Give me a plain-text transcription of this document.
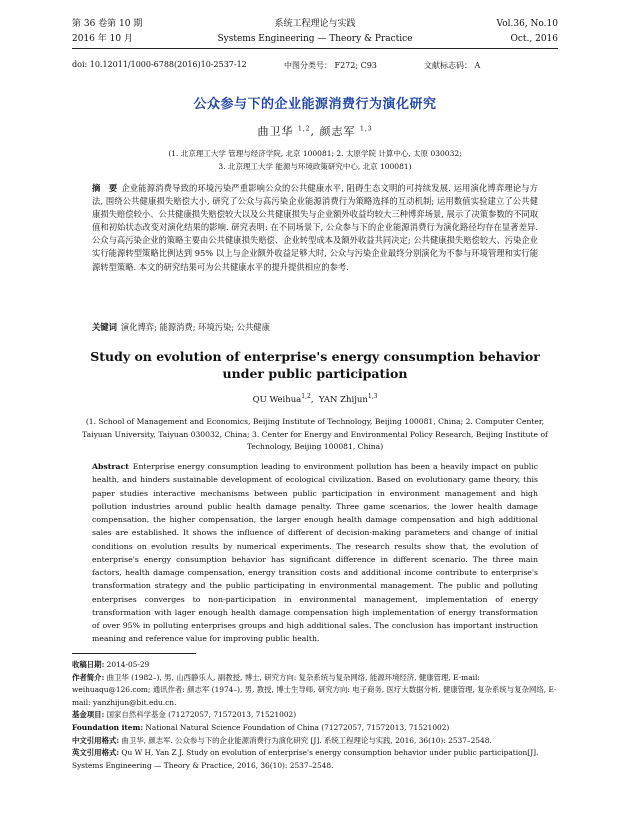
第 36 卷第 10 期	系统工程理论与实践	Vol.36, No.10
2016 年 10 月	Systems Engineering — Theory & Practice	Oct., 2016
doi: 10.12011/1000-6788(2016)10-2537-12	中图分类号： F272; C93	文献标志码： A
公众参与下的企业能源消费行为演化研究
曲卫华 $^{1,2}$, 颜志军 $^{1,3}$
(1. 北京理工大学 管理与经济学院, 北京 100081; 2. 太原学院 计算中心, 太原 030032;
3. 北京理工大学 能源与环境政策研究中心, 北京 100081)
摘　要 企业能源消费导致的环境污染严重影响公众的公共健康水平, 阻碍生态文明的可持续发展. 运用演化博弈理论与方法, 围绕公共健康损失赔偿大小, 研究了公众与高污染企业能源消费行为策略选择的互动机制; 运用数值实验建立了公共健康损失赔偿较小、公共健康损失赔偿较大以及公共健康损失与企业额外收益均较大三种博弈场景, 展示了决策参数的不同取值和初始状态改变对演化结果的影响. 研究表明: 在不同场景下, 公众参与下的企业能源消费行为演化路径均存在显著差异. 公众与高污染企业的策略主要由公共健康损失赔偿、企业转型成本及额外收益共同决定; 公共健康损失赔偿较大、污染企业实行能源转型策略比例达到 95% 以上与企业额外收益足够大时, 公众与污染企业最终分别演化为不参与环境管理和实行能源转型策略. 本文的研究结果可为公共健康水平的提升提供相应的参考.
关键词 演化博弈; 能源消费; 环境污染; 公共健康
Study on evolution of enterprise's energy consumption behavior
under public participation
QU Weihua$^{1,2}$,  YAN Zhijun$^{1,3}$
(1. School of Management and Economics, Beijing Institute of Technology, Beijing 100081, China; 2. Computer Center,
Taiyuan University, Taiyuan 030032, China; 3. Center for Energy and Environmental Policy Research, Beijing Institute of
Technology, Beijing 100081, China)
Abstract Enterprise energy consumption leading to environment pollution has been a heavily impact on public health, and hinders sustainable development of ecological civilization. Based on evolutionary game theory, this paper studies interactive mechanisms between public participation in environment management and high pollution industries around public health damage penalty. Three game scenarios, the lower health damage compensation, the higher compensation, the larger enough health damage compensation and high additional sales are established. It shows the influence of different of decision-making parameters and change of initial conditions on evolution results by numerical experiments. The research results show that, the evolution of enterprise's energy consumption behavior has significant difference in different scenario. The three main factors, health damage compensation, energy transition costs and additional income contribute to enterprise's transformation strategy and the public participating in environmental management. The public and polluting enterprises converges to non-participation in environmental management, implementation of energy transformation with lager enough health damage compensation high implementation of energy transformation of over 95% in polluting enterprises groups and high additional sales. The conclusion has important instruction meaning and reference value for improving public health.

收稿日期: 2014-05-29

作者简介: 曲卫华 (1982–), 男, 山西静乐人, 副教授, 博士, 研究方向: 复杂系统与复杂网络, 能源环境经济, 健康管理, E-mail: weihuaqu@126.com; 通讯作者: 颜志军 (1974–), 男, 教授, 博士生导师, 研究方向: 电子商务, 医疗大数据分析, 健康管理, 复杂系统与复杂网络, E-mail: yanzhijun@bit.edu.cn.

基金项目: 国家自然科学基金 (71272057, 71572013, 71521002)

Foundation item: National Natural Science Foundation of China (71272057, 71572013, 71521002)

中文引用格式: 曲卫华, 颜志军. 公众参与下的企业能源消费行为演化研究 [J]. 系统工程理论与实践, 2016, 36(10): 2537–2548.

英文引用格式: Qu W H, Yan Z J. Study on evolution of enterprise's energy consumption behavior under public participation[J]. Systems Engineering — Theory & Practice, 2016, 36(10): 2537–2548.
